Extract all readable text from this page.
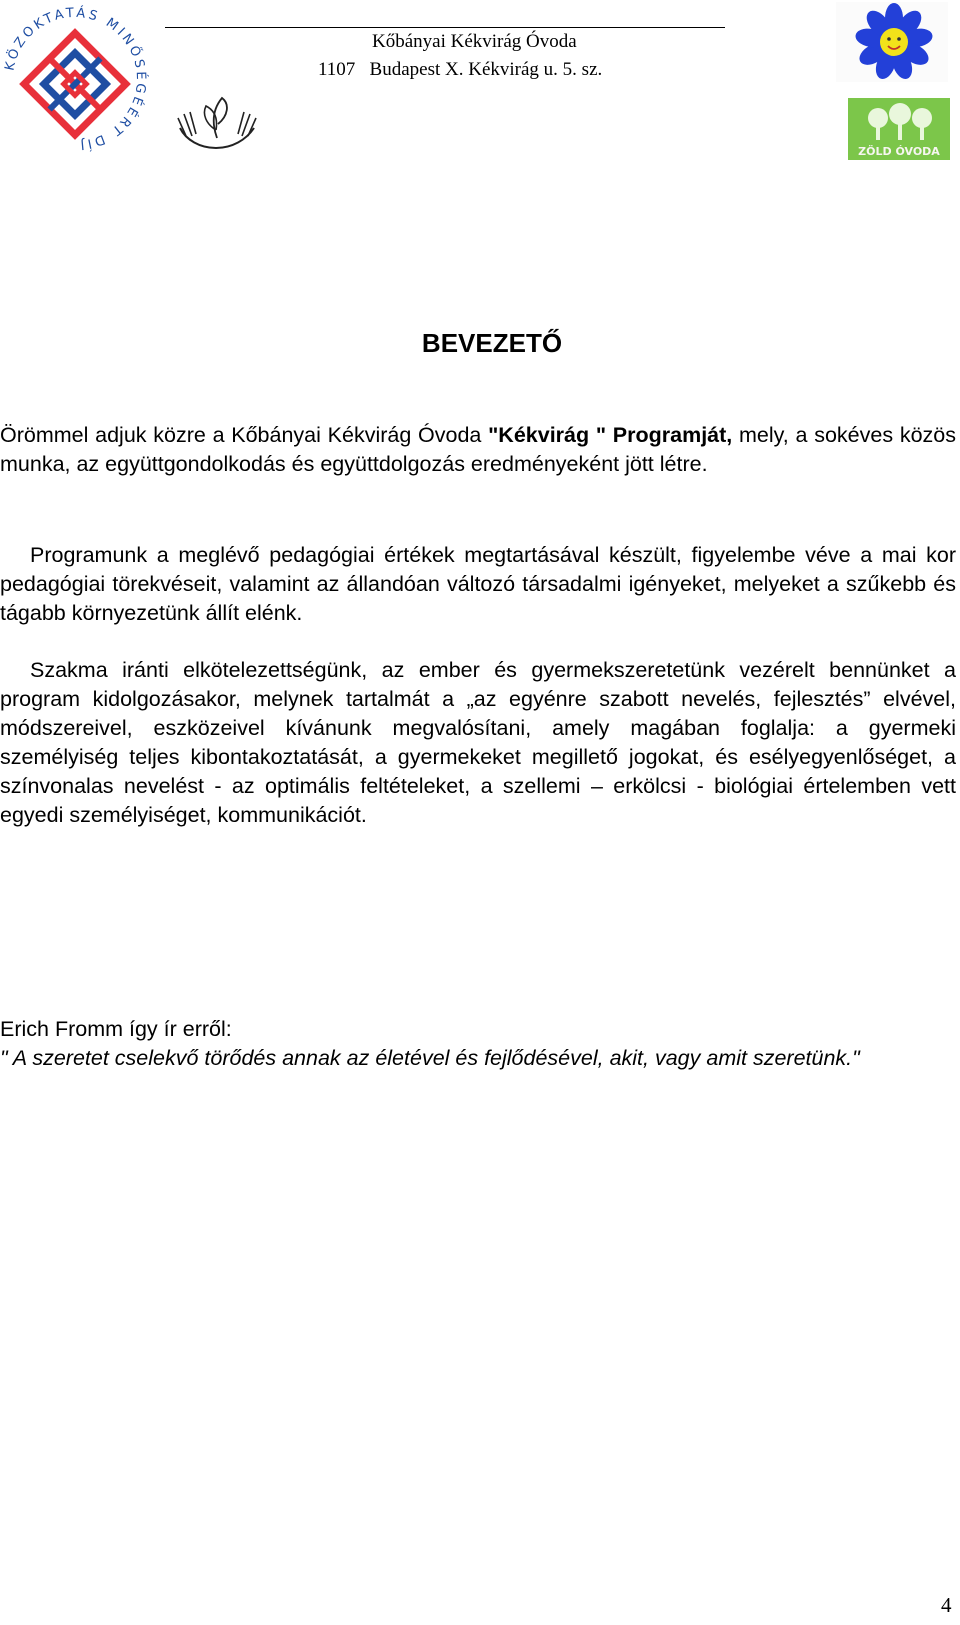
KÖZOKTATÁS MINŐSÉGÉÉRT DÍJ
Kőbányai Kékvirág Óvoda
1107   Budapest X. Kékvirág u. 5. sz.
ZÖLD ÓVODA
BEVEZETŐ
Örömmel adjuk közre a Kőbányai Kékvirág Óvoda "Kékvirág " Programját, mely, a sokéves közös munka, az együttgondolkodás és együttdolgozás eredményeként jött létre.
Programunk a meglévő pedagógiai értékek megtartásával készült, figyelembe véve a mai kor pedagógiai törekvéseit, valamint az állandóan változó társadalmi igényeket, melyeket a szűkebb és tágabb környezetünk állít elénk.
Szakma iránti elkötelezettségünk, az ember és gyermekszeretetünk vezérelt bennünket a program kidolgozásakor, melynek tartalmát a „az egyénre szabott nevelés, fejlesztés” elvével, módszereivel, eszközeivel kívánunk megvalósítani, amely magában foglalja: a gyermeki személyiség teljes kibontakoztatását, a gyermekeket megillető jogokat, és esélyegyenlőséget, a színvonalas nevelést - az optimális feltételeket, a szellemi – erkölcsi - biológiai értelemben vett egyedi személyiséget, kommunikációt.
Erich Fromm így ír erről:
" A szeretet cselekvő törődés annak az életével és fejlődésével, akit, vagy amit szeretünk."
4
